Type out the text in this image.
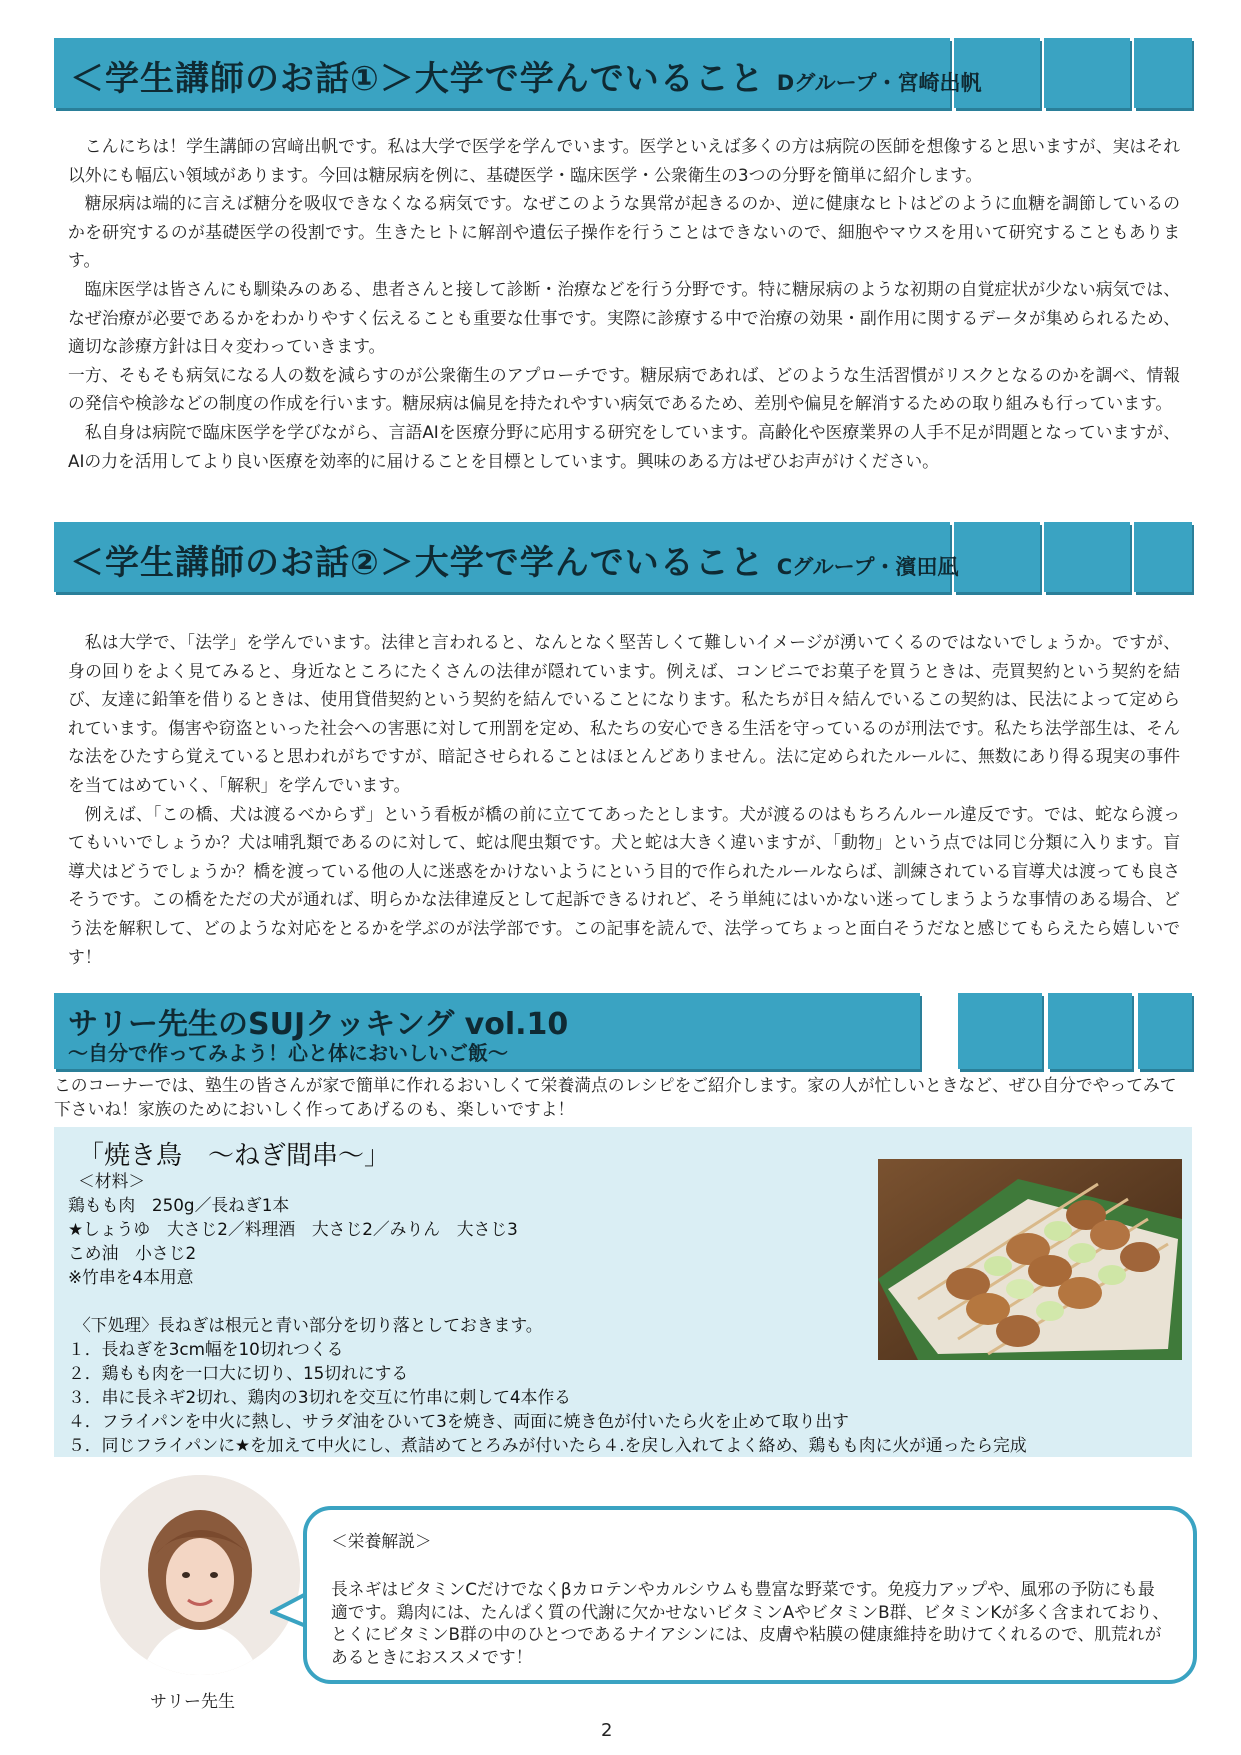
＜学生講師のお話①＞大学で学んでいること Dグループ・宮崎出帆

こんにちは！学生講師の宮﨑出帆です。私は大学で医学を学んでいます。医学といえば多くの方は病院の医師を想像すると思いますが、実はそれ以外にも幅広い領域があります。今回は糖尿病を例に、基礎医学・臨床医学・公衆衛生の3つの分野を簡単に紹介します。

糖尿病は端的に言えば糖分を吸収できなくなる病気です。なぜこのような異常が起きるのか、逆に健康なヒトはどのように血糖を調節しているのかを研究するのが基礎医学の役割です。生きたヒトに解剖や遺伝子操作を行うことはできないので、細胞やマウスを用いて研究することもあります。

臨床医学は皆さんにも馴染みのある、患者さんと接して診断・治療などを行う分野です。特に糖尿病のような初期の自覚症状が少ない病気では、なぜ治療が必要であるかをわかりやすく伝えることも重要な仕事です。実際に診療する中で治療の効果・副作用に関するデータが集められるため、適切な診療方針は日々変わっていきます。

一方、そもそも病気になる人の数を減らすのが公衆衛生のアプローチです。糖尿病であれば、どのような生活習慣がリスクとなるのかを調べ、情報の発信や検診などの制度の作成を行います。糖尿病は偏見を持たれやすい病気であるため、差別や偏見を解消するための取り組みも行っています。

私自身は病院で臨床医学を学びながら、言語AIを医療分野に応用する研究をしています。高齢化や医療業界の人手不足が問題となっていますが、AIの力を活用してより良い医療を効率的に届けることを目標としています。興味のある方はぜひお声がけください。

＜学生講師のお話②＞大学で学んでいること Cグループ・濱田凪

私は大学で、「法学」を学んでいます。法律と言われると、なんとなく堅苦しくて難しいイメージが湧いてくるのではないでしょうか。ですが、身の回りをよく見てみると、身近なところにたくさんの法律が隠れています。例えば、コンビニでお菓子を買うときは、売買契約という契約を結び、友達に鉛筆を借りるときは、使用貸借契約という契約を結んでいることになります。私たちが日々結んでいるこの契約は、民法によって定められています。傷害や窃盗といった社会への害悪に対して刑罰を定め、私たちの安心できる生活を守っているのが刑法です。私たち法学部生は、そんな法をひたすら覚えていると思われがちですが、暗記させられることはほとんどありません。法に定められたルールに、無数にあり得る現実の事件を当てはめていく、「解釈」を学んでいます。

例えば、「この橋、犬は渡るべからず」という看板が橋の前に立ててあったとします。犬が渡るのはもちろんルール違反です。では、蛇なら渡ってもいいでしょうか？犬は哺乳類であるのに対して、蛇は爬虫類です。犬と蛇は大きく違いますが、「動物」という点では同じ分類に入ります。盲導犬はどうでしょうか？橋を渡っている他の人に迷惑をかけないようにという目的で作られたルールならば、訓練されている盲導犬は渡っても良さそうです。この橋をただの犬が通れば、明らかな法律違反として起訴できるけれど、そう単純にはいかない迷ってしまうような事情のある場合、どう法を解釈して、どのような対応をとるかを学ぶのが法学部です。この記事を読んで、法学ってちょっと面白そうだなと感じてもらえたら嬉しいです！

サリー先生のSUJクッキング vol.10
～自分で作ってみよう！心と体においしいご飯～
このコーナーでは、塾生の皆さんが家で簡単に作れるおいしくて栄養満点のレシピをご紹介します。家の人が忙しいときなど、ぜひ自分でやってみて下さいね！家族のためにおいしく作ってあげるのも、楽しいですよ！
「焼き鳥　～ねぎ間串～」
＜材料＞
鶏もも肉　250g／長ねぎ1本
★しょうゆ　大さじ2／料理酒　大さじ2／みりん　大さじ3
こめ油　小さじ2
※竹串を4本用意
〈下処理〉長ねぎは根元と青い部分を切り落としておきます。
１．長ねぎを3cm幅を10切れつくる
２．鶏もも肉を一口大に切り、15切れにする
３．串に長ネギ2切れ、鶏肉の3切れを交互に竹串に刺して4本作る
４．フライパンを中火に熱し、サラダ油をひいて3を焼き、両面に焼き色が付いたら火を止めて取り出す
５．同じフライパンに★を加えて中火にし、煮詰めてとろみが付いたら４.を戻し入れてよく絡め、鶏もも肉に火が通ったら完成
サリー先生
＜栄養解説＞
長ネギはビタミンCだけでなくβカロテンやカルシウムも豊富な野菜です。免疫力アップや、風邪の予防にも最適です。鶏肉には、たんぱく質の代謝に欠かせないビタミンAやビタミンB群、ビタミンKが多く含まれており、とくにビタミンB群の中のひとつであるナイアシンには、皮膚や粘膜の健康維持を助けてくれるので、肌荒れがあるときにおススメです！
2
